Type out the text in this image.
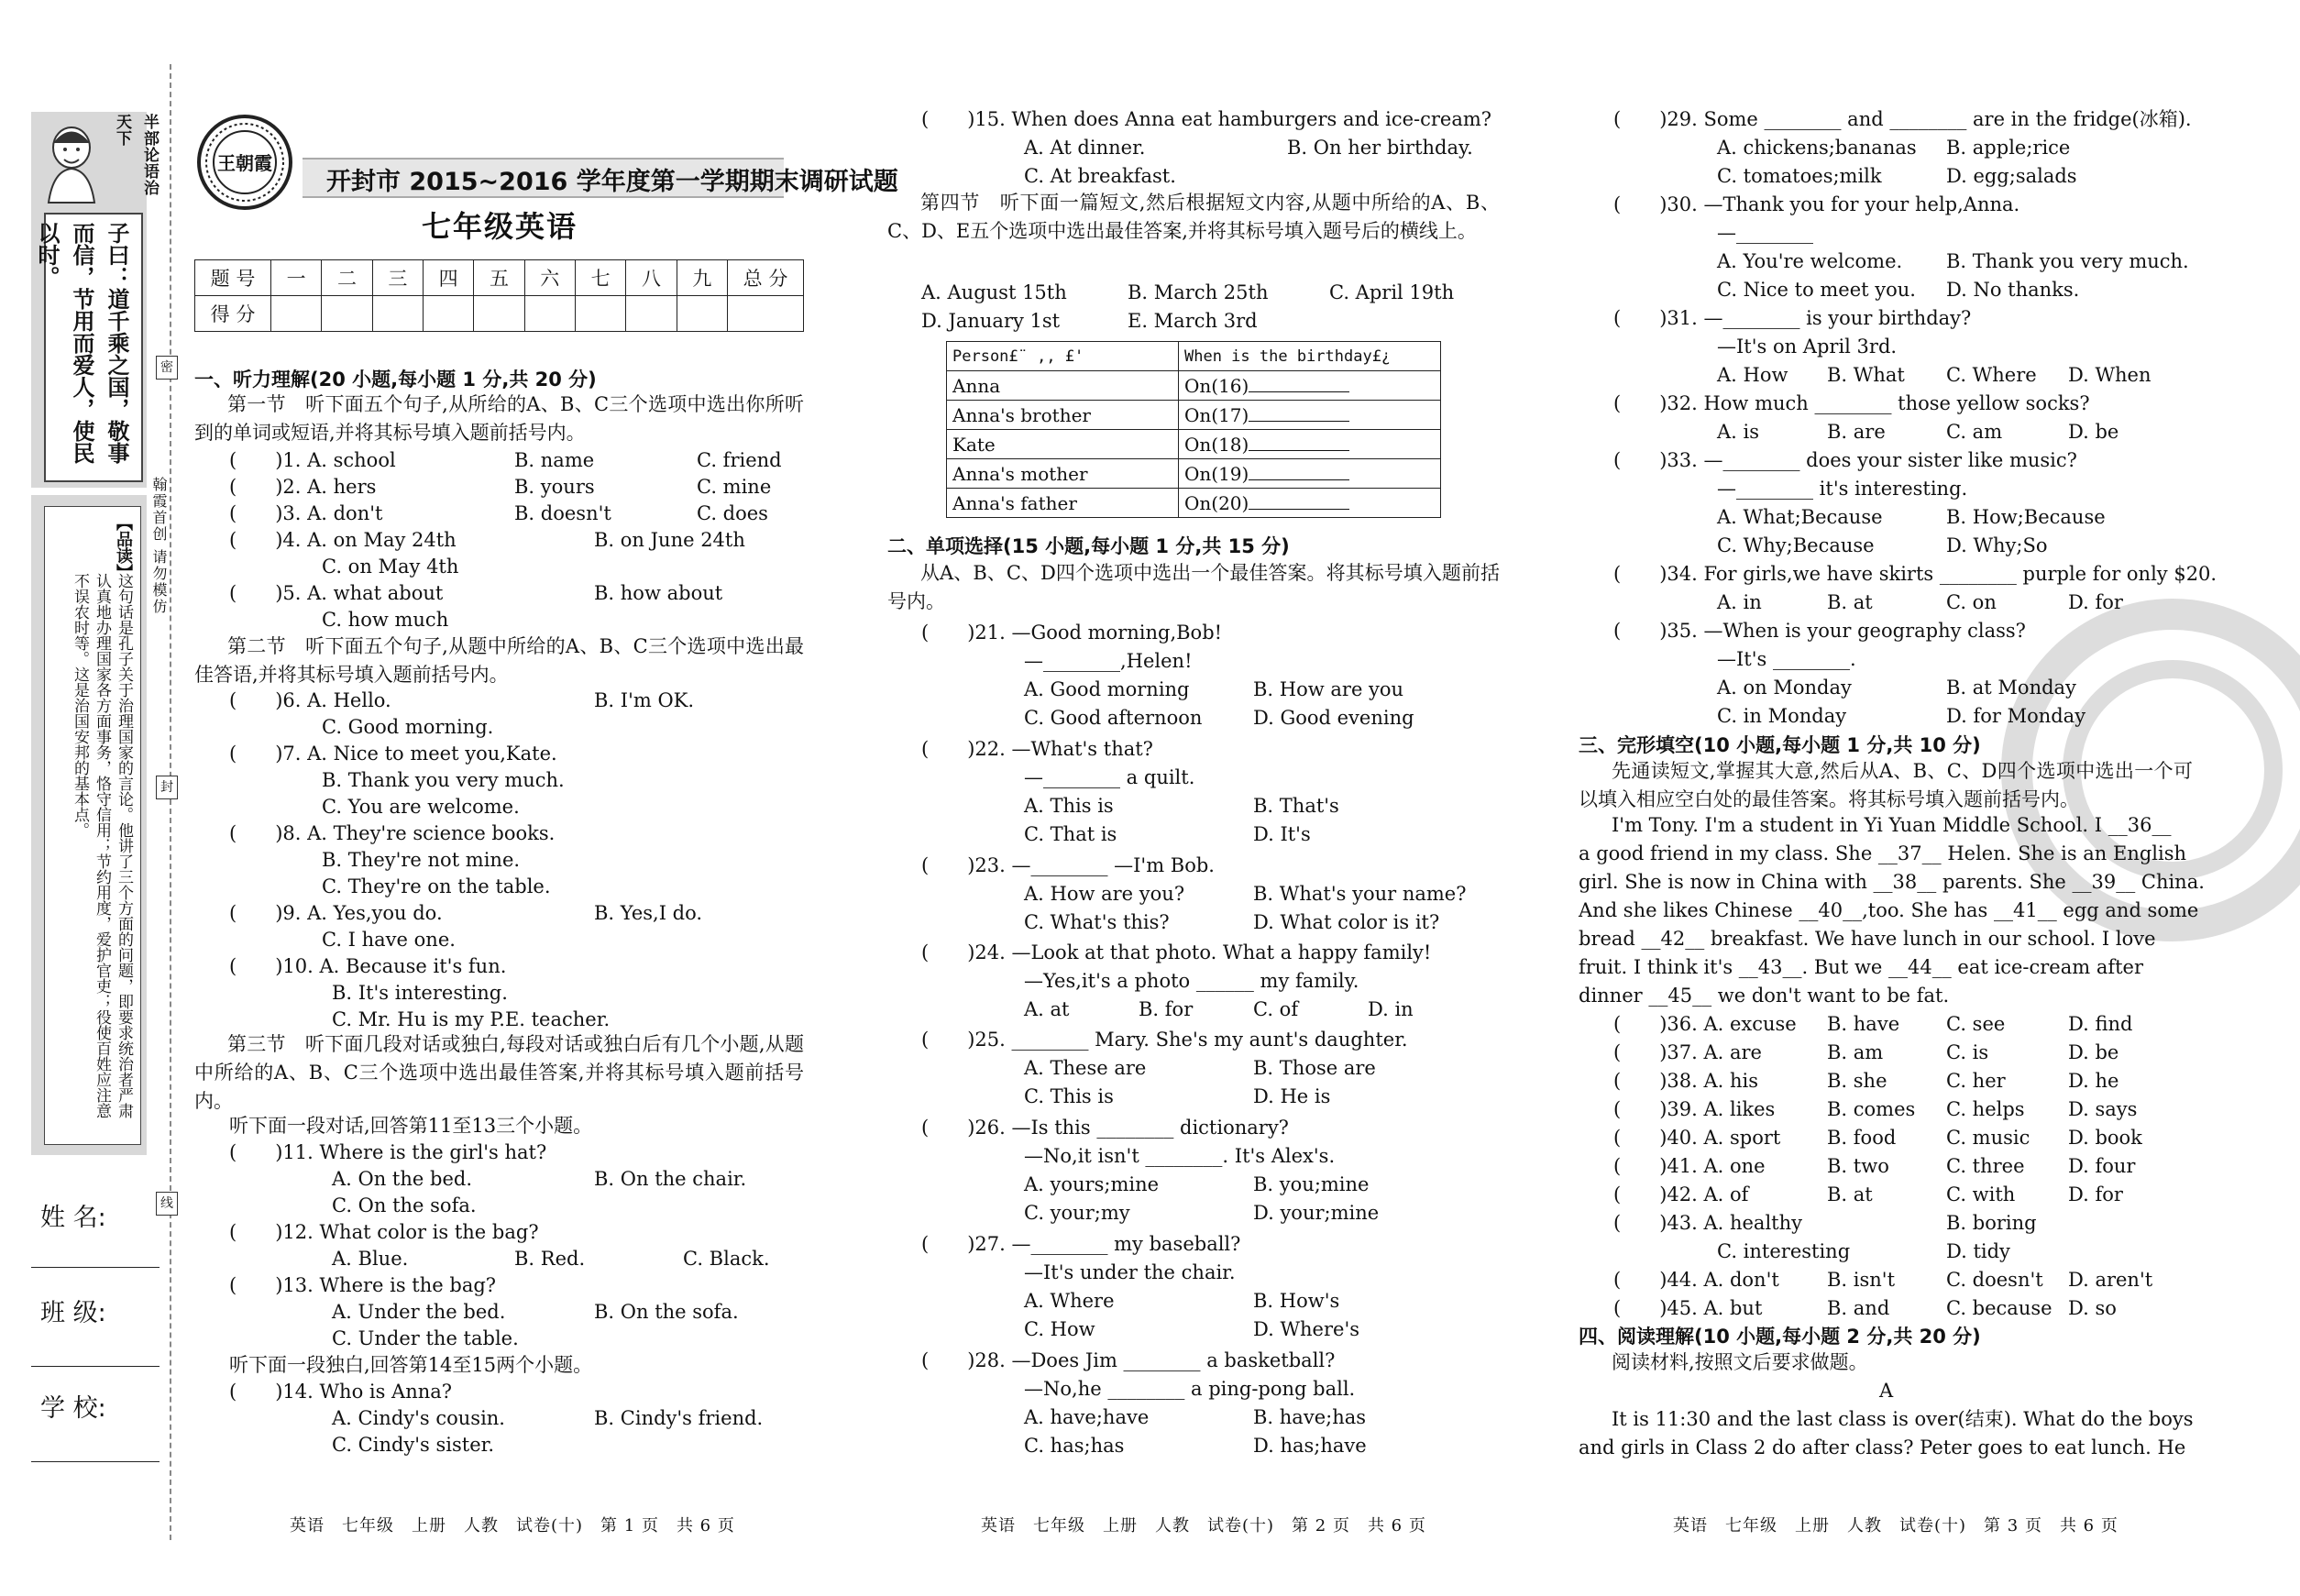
半部论语治天下
子曰：道千乘之国，敬事而信，节用而爱人，使民以时。
【品读】
这句话是孔子关于治理国家的言论。他讲了三个方面的问题，即要求统治者严肃认真地办理国家各方面事务，恪守信用；节约用度，爱护官吏；役使百姓应注意不误农时等。这是治国安邦的基本点。
翰霞首创 请勿模仿
密
封
线
姓 名:
班 级:
学 校:
王朝霞
开封市 2015~2016 学年度第一学期期末调研试题
七年级英语
题 号	一	二	三	四	五	六	七	八	九	总 分
得 分										
一、听力理解(20 小题,每小题 1 分,共 20 分)
第一节　听下面五个句子,从所给的A、B、C三个选项中选出你所听到的单词或短语,并将其标号填入题前括号内。
(　　)1. A. school	B. name	C. friend
(　　)2. A. hers	B. yours	C. mine
(　　)3. A. don't	B. doesn't	C. does
(　　)4. A. on May 24th	B. on June 24th
C. on May 4th
(　　)5. A. what about	B. how about
C. how much
第二节　听下面五个句子,从题中所给的A、B、C三个选项中选出最佳答语,并将其标号填入题前括号内。
(　　)6. A. Hello.	B. I'm OK.
C. Good morning.
(　　)7. A. Nice to meet you,Kate.
B. Thank you very much.
C. You are welcome.
(　　)8. A. They're science books.
B. They're not mine.
C. They're on the table.
(　　)9. A. Yes,you do.	B. Yes,I do.
C. I have one.
(　　)10. A. Because it's fun.
B. It's interesting.
C. Mr. Hu is my P.E. teacher.
第三节　听下面几段对话或独白,每段对话或独白后有几个小题,从题中所给的A、B、C三个选项中选出最佳答案,并将其标号填入题前括号内。
听下面一段对话,回答第11至13三个小题。
(　　)11. Where is the girl's hat?
A. On the bed.	B. On the chair.
C. On the sofa.
(　　)12. What color is the bag?
A. Blue.	B. Red.	C. Black.
(　　)13. Where is the bag?
A. Under the bed.	B. On the sofa.
C. Under the table.
听下面一段独白,回答第14至15两个小题。
(　　)14. Who is Anna?
A. Cindy's cousin.	B. Cindy's friend.
C. Cindy's sister.
英语　七年级　上册　人教　试卷(十)　第 1 页　共 6 页
(　　)15. When does Anna eat hamburgers and ice-cream?
A. At dinner.	B. On her birthday.
C. At breakfast.
第四节　听下面一篇短文,然后根据短文内容,从题中所给的A、B、C、D、E五个选项中选出最佳答案,并将其标号填入题号后的横线上。
A. August 15th	B. March 25th	C. April 19th
D. January 1st	E. March 3rd
Person£¨ ,, £'	When is the birthday£¿
Anna	On(16)
Anna's brother	On(17)
Kate	On(18)
Anna's mother	On(19)
Anna's father	On(20)
二、单项选择(15 小题,每小题 1 分,共 15 分)
从A、B、C、D四个选项中选出一个最佳答案。将其标号填入题前括号内。
(　　)21. —Good morning,Bob!
—________,Helen!
A. Good morning	B. How are you
C. Good afternoon	D. Good evening
(　　)22. —What's that?
—________ a quilt.
A. This is	B. That's
C. That is	D. It's
(　　)23. —________ —I'm Bob.
A. How are you?	B. What's your name?
C. What's this?	D. What color is it?
(　　)24. —Look at that photo. What a happy family!
—Yes,it's a photo ______ my family.
A. at	B. for	C. of	D. in
(　　)25. ________ Mary. She's my aunt's daughter.
A. These are	B. Those are
C. This is	D. He is
(　　)26. —Is this ________ dictionary?
—No,it isn't ________. It's Alex's.
A. yours;mine	B. you;mine
C. your;my	D. your;mine
(　　)27. —________ my baseball?
—It's under the chair.
A. Where	B. How's
C. How	D. Where's
(　　)28. —Does Jim ________ a basketball?
—No,he ________ a ping-pong ball.
A. have;have	B. have;has
C. has;has	D. has;have
英语　七年级　上册　人教　试卷(十)　第 2 页　共 6 页
(　　)29. Some ________ and ________ are in the fridge(冰箱).
A. chickens;bananas B. apple;rice
C. tomatoes;milk	D. egg;salads
(　　)30. —Thank you for your help,Anna.
—________
A. You're welcome. B. Thank you very much.
C. Nice to meet you. D. No thanks.
(　　)31. —________ is your birthday?
—It's on April 3rd.
A. How B. What C. Where D. When
(　　)32. How much ________ those yellow socks?
A. is	B. are	C. am	D. be
(　　)33. —________ does your sister like music?
—________ it's interesting.
A. What;Because	B. How;Because
C. Why;Because	D. Why;So
(　　)34. For girls,we have skirts ________ purple for only $20.
A. in	B. at	C. on	D. for
(　　)35. —When is your geography class?
—It's ________.
A. on Monday	B. at Monday
C. in Monday	D. for Monday
三、完形填空(10 小题,每小题 1 分,共 10 分)
先通读短文,掌握其大意,然后从A、B、C、D四个选项中选出一个可以填入相应空白处的最佳答案。将其标号填入题前括号内。
I'm Tony. I'm a student in Yi Yuan Middle School. I __36__
a good friend in my class. She __37__ Helen. She is an English
girl. She is now in China with __38__ parents. She __39__ China.
And she likes Chinese __40__,too. She has __41__ egg and some
bread __42__ breakfast. We have lunch in our school. I love
fruit. I think it's __43__. But we __44__ eat ice-cream after
dinner __45__ we don't want to be fat.
(　　)36. A. excuse B. have C. see	D. find
(　　)37. A. are	B. am	C. is	D. be
(　　)38. A. his	B. she	C. her	D. he
(　　)39. A. likes	B. comes C. helps D. says
(　　)40. A. sport B. food	C. music D. book
(　　)41. A. one	B. two	C. three D. four
(　　)42. A. of	B. at	C. with	D. for
(　　)43. A. healthy	B. boring
C. interesting	D. tidy
(　　)44. A. don't B. isn't	C. doesn't D. aren't
(　　)45. A. but	B. and	C. because D. so
四、阅读理解(10 小题,每小题 2 分,共 20 分)
阅读材料,按照文后要求做题。
A
It is 11:30 and the last class is over(结束). What do the boys
and girls in Class 2 do after class? Peter goes to eat lunch. He
英语　七年级　上册　人教　试卷(十)　第 3 页　共 6 页
